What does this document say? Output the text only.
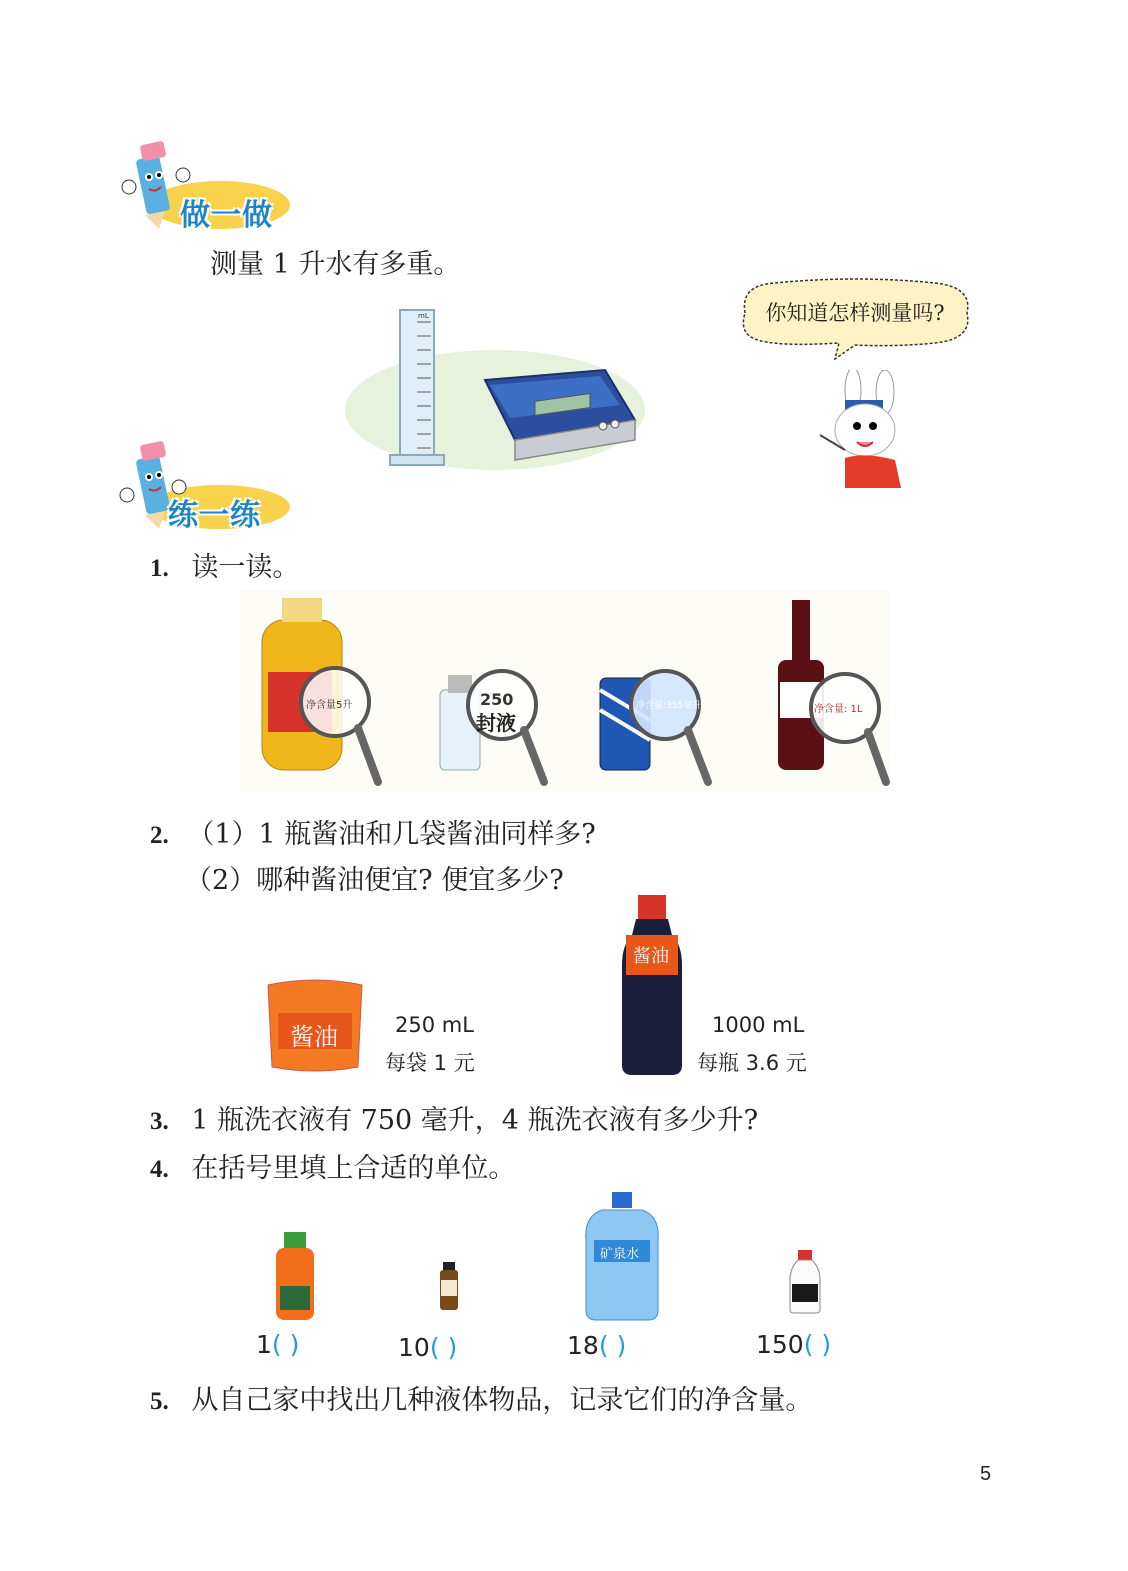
做一做
测量 1 升水有多重。
mL	你知道怎样测量吗?
练一练
1. 读一读。
净含量5升	250
封液
净含量:355毫升	净含量: 1L
2. （1）1 瓶酱油和几袋酱油同样多?
（2）哪种酱油便宜? 便宜多少?
酱油	250 mL
每袋 1 元
酱油
1000 mL
每瓶 3.6 元
3. 1 瓶洗衣液有 750 毫升，4 瓶洗衣液有多少升?
4. 在括号里填上合适的单位。
矿泉水
1( )	10( )	18( )	150( )
5. 从自己家中找出几种液体物品，记录它们的净含量。
5
